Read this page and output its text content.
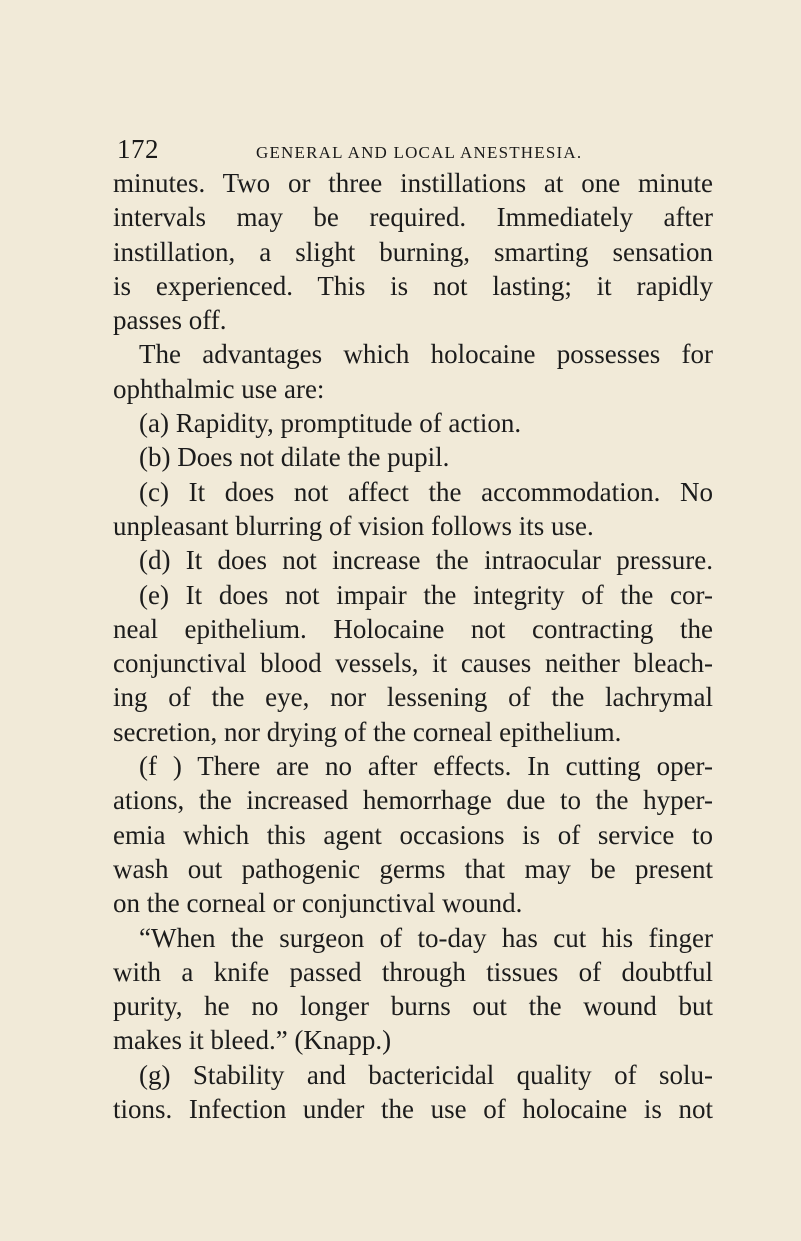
172	GENERAL AND LOCAL ANESTHESIA.
minutes. Two or three instillations at one minute
intervals may be required. Immediately after
instillation, a slight burning, smarting sensation
is experienced. This is not lasting; it rapidly
passes off.
The advantages which holocaine possesses for
ophthalmic use are:
(a) Rapidity, promptitude of action.
(b) Does not dilate the pupil.
(c) It does not affect the accommodation. No
unpleasant blurring of vision follows its use.
(d) It does not increase the intraocular pressure.
(e) It does not impair the integrity of the cor-
neal epithelium. Holocaine not contracting the
conjunctival blood vessels, it causes neither bleach-
ing of the eye, nor lessening of the lachrymal
secretion, nor drying of the corneal epithelium.
(f ) There are no after effects. In cutting oper-
ations, the increased hemorrhage due to the hyper-
emia which this agent occasions is of service to
wash out pathogenic germs that may be present
on the corneal or conjunctival wound.
“When the surgeon of to-day has cut his finger
with a knife passed through tissues of doubtful
purity, he no longer burns out the wound but
makes it bleed.” (Knapp.)
(g) Stability and bactericidal quality of solu-
tions. Infection under the use of holocaine is not
